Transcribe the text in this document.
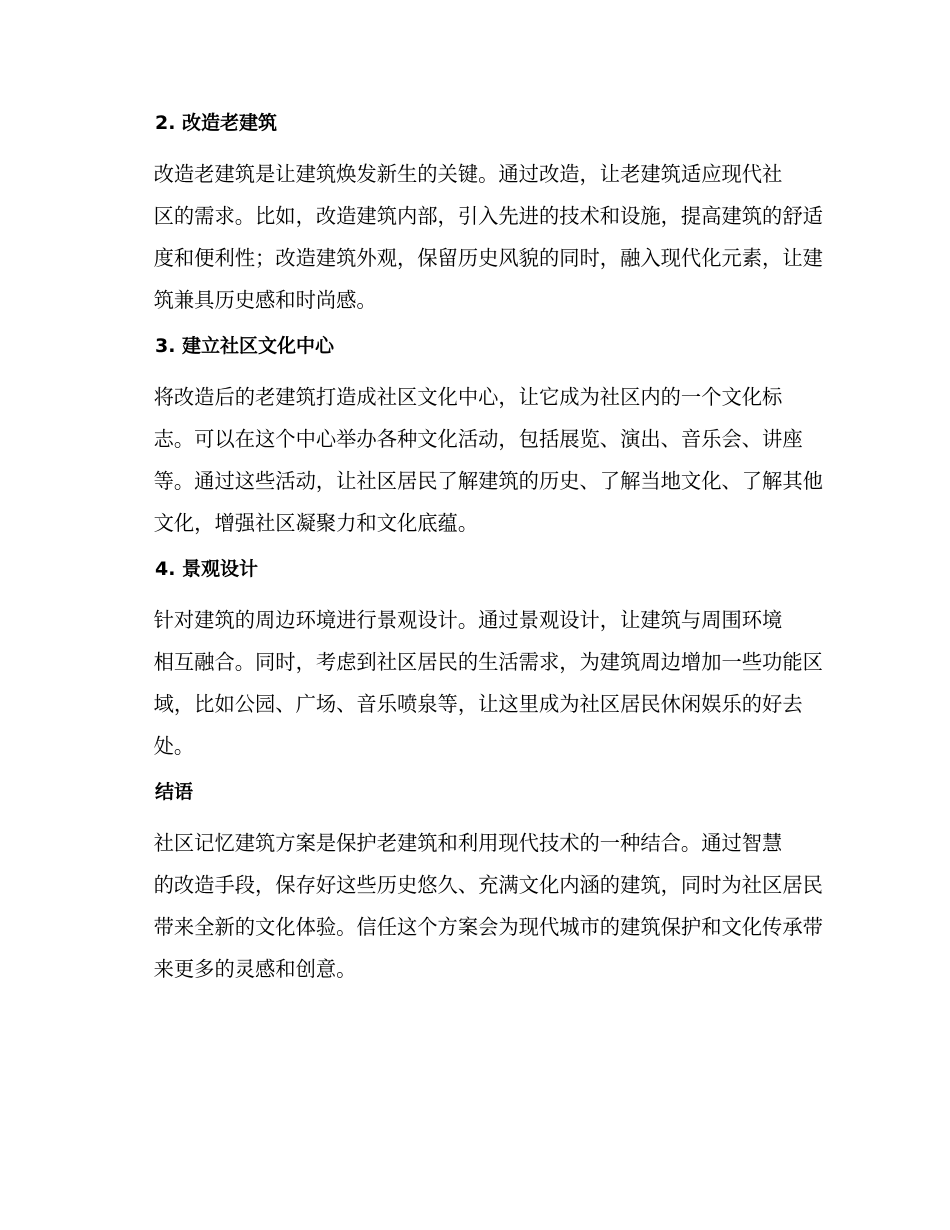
2. 改造老建筑
改造老建筑是让建筑焕发新生的关键。通过改造，让老建筑适应现代社
区的需求。比如，改造建筑内部，引入先进的技术和设施，提高建筑的舒适
度和便利性；改造建筑外观，保留历史风貌的同时，融入现代化元素，让建
筑兼具历史感和时尚感。
3. 建立社区文化中心
将改造后的老建筑打造成社区文化中心，让它成为社区内的一个文化标
志。可以在这个中心举办各种文化活动，包括展览、演出、音乐会、讲座
等。通过这些活动，让社区居民了解建筑的历史、了解当地文化、了解其他
文化，增强社区凝聚力和文化底蕴。
4. 景观设计
针对建筑的周边环境进行景观设计。通过景观设计，让建筑与周围环境
相互融合。同时，考虑到社区居民的生活需求，为建筑周边增加一些功能区
域，比如公园、广场、音乐喷泉等，让这里成为社区居民休闲娱乐的好去
处。
结语
社区记忆建筑方案是保护老建筑和利用现代技术的一种结合。通过智慧
的改造手段，保存好这些历史悠久、充满文化内涵的建筑，同时为社区居民
带来全新的文化体验。信任这个方案会为现代城市的建筑保护和文化传承带
来更多的灵感和创意。
